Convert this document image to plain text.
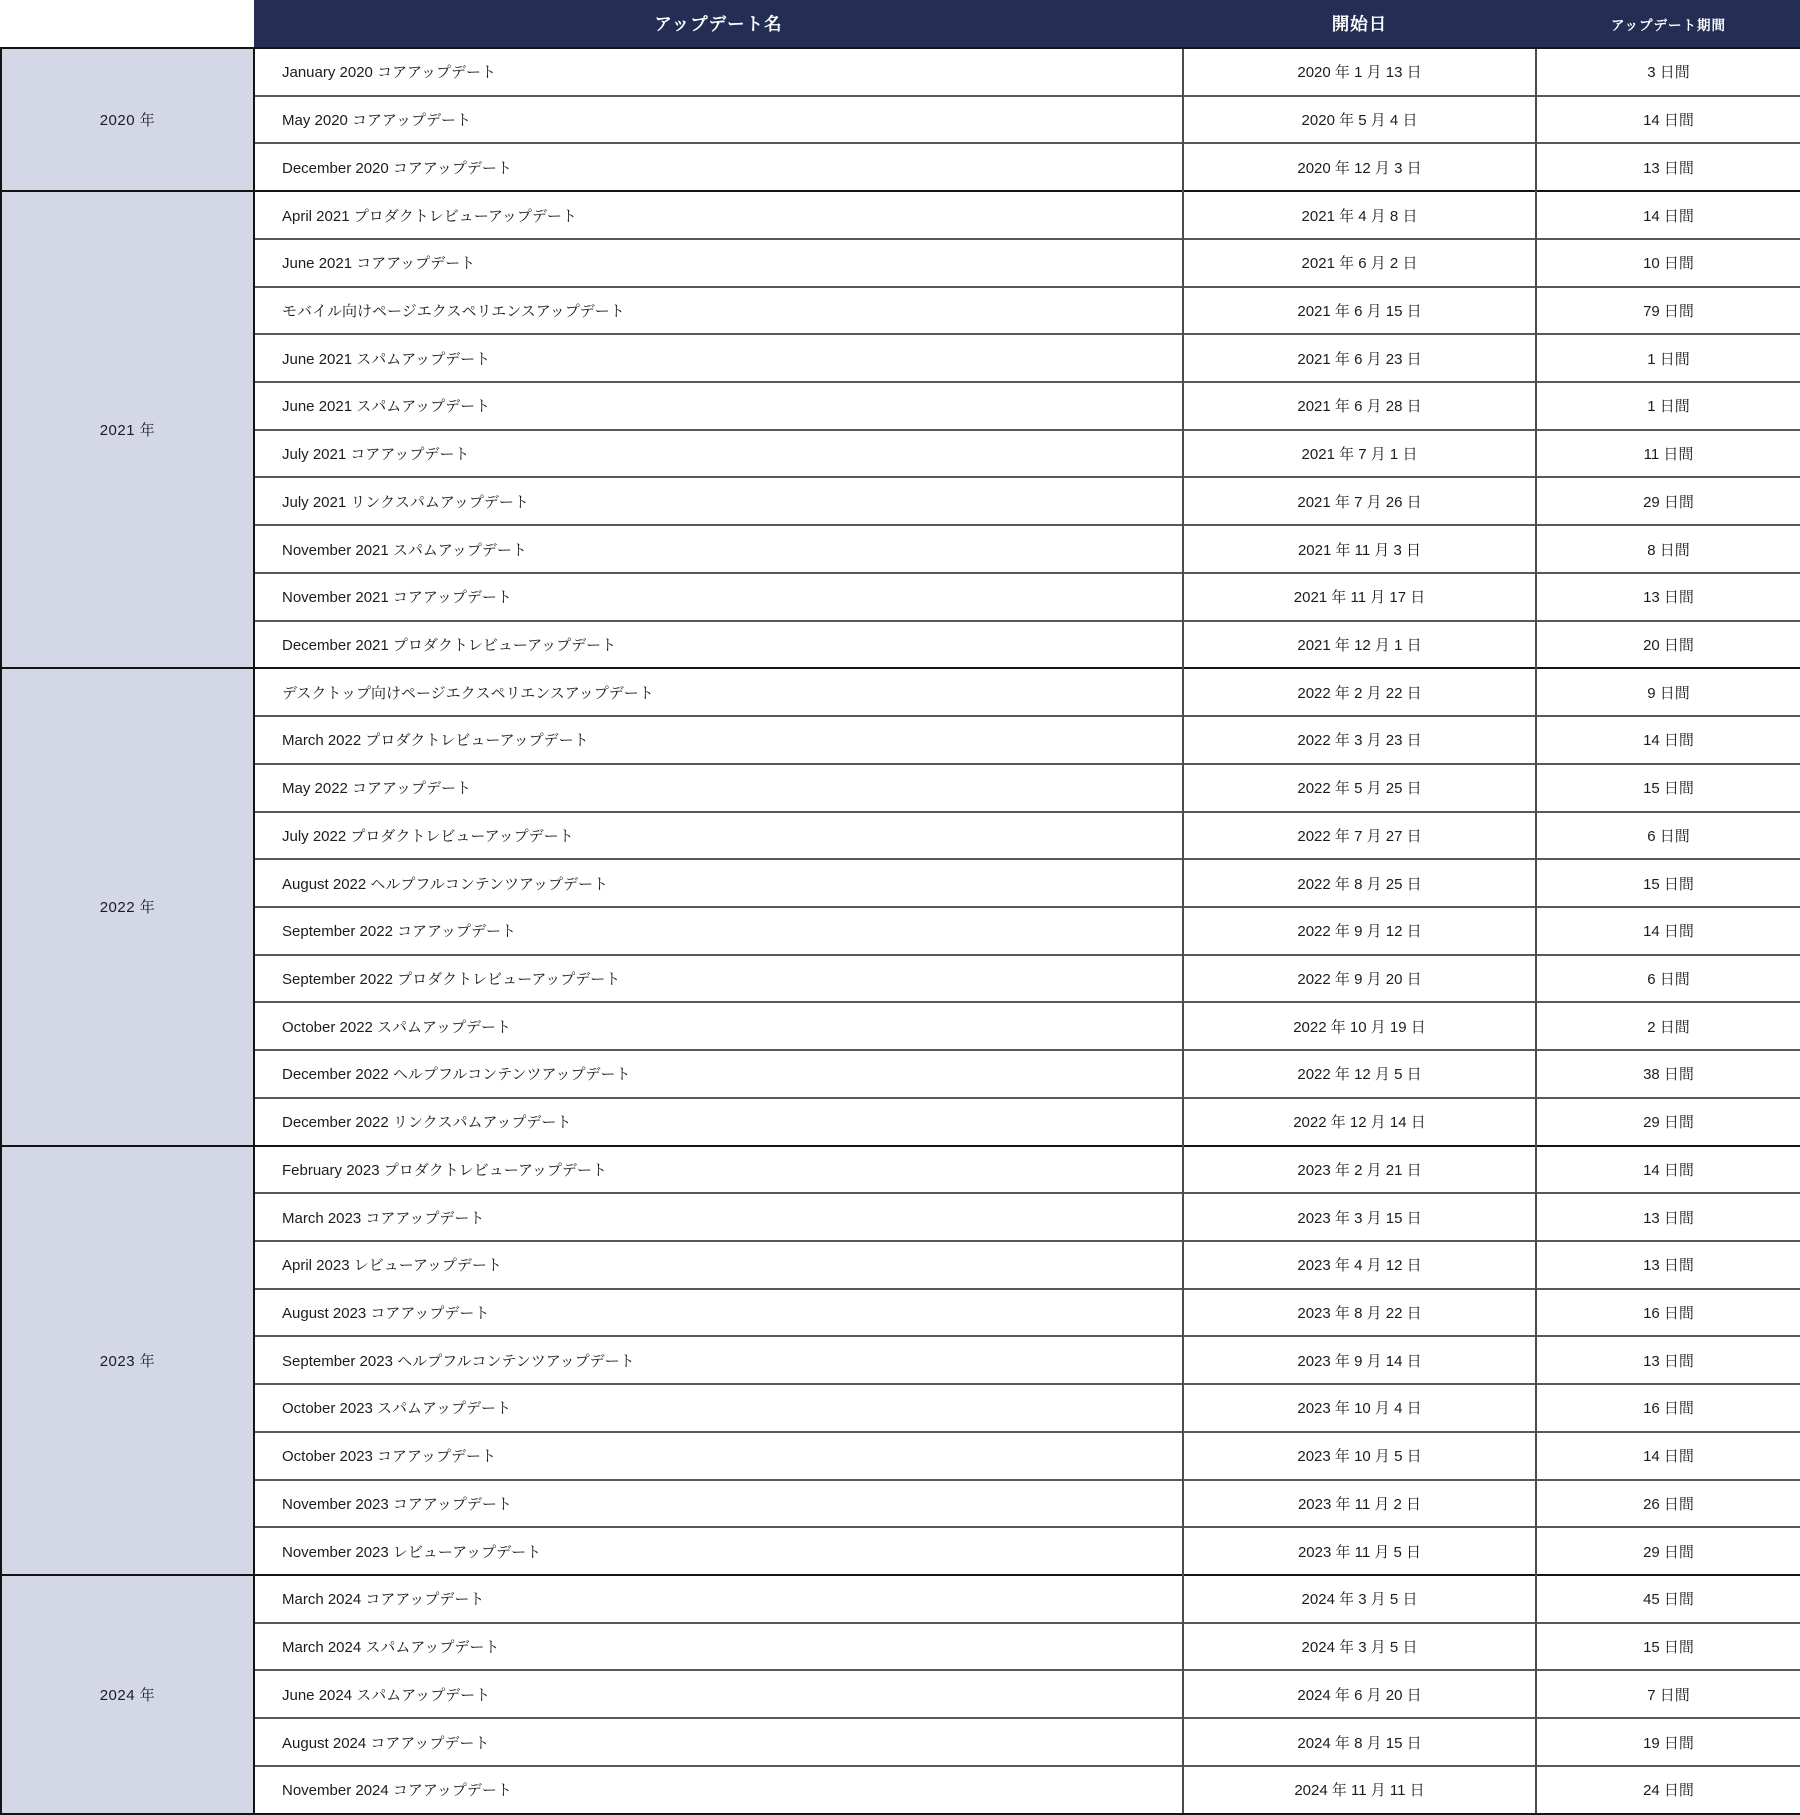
	アップデート名	開始日	アップデート期間
2020 年	January 2020 コアアップデート	2020 年 1 月 13 日	3 日間
	May 2020 コアアップデート	2020 年 5 月 4 日	14 日間
	December 2020 コアアップデート	2020 年 12 月 3 日	13 日間
2021 年	April 2021 プロダクトレビューアップデート	2021 年 4 月 8 日	14 日間
	June 2021 コアアップデート	2021 年 6 月 2 日	10 日間
	モバイル向けページエクスペリエンスアップデート	2021 年 6 月 15 日	79 日間
	June 2021 スパムアップデート	2021 年 6 月 23 日	1 日間
	June 2021 スパムアップデート	2021 年 6 月 28 日	1 日間
	July 2021 コアアップデート	2021 年 7 月 1 日	11 日間
	July 2021 リンクスパムアップデート	2021 年 7 月 26 日	29 日間
	November 2021 スパムアップデート	2021 年 11 月 3 日	8 日間
	November 2021 コアアップデート	2021 年 11 月 17 日	13 日間
	December 2021 プロダクトレビューアップデート	2021 年 12 月 1 日	20 日間
2022 年	デスクトップ向けページエクスペリエンスアップデート	2022 年 2 月 22 日	9 日間
	March 2022 プロダクトレビューアップデート	2022 年 3 月 23 日	14 日間
	May 2022 コアアップデート	2022 年 5 月 25 日	15 日間
	July 2022 プロダクトレビューアップデート	2022 年 7 月 27 日	6 日間
	August 2022 ヘルプフルコンテンツアップデート	2022 年 8 月 25 日	15 日間
	September 2022 コアアップデート	2022 年 9 月 12 日	14 日間
	September 2022 プロダクトレビューアップデート	2022 年 9 月 20 日	6 日間
	October 2022 スパムアップデート	2022 年 10 月 19 日	2 日間
	December 2022 ヘルプフルコンテンツアップデート	2022 年 12 月 5 日	38 日間
	December 2022 リンクスパムアップデート	2022 年 12 月 14 日	29 日間
2023 年	February 2023 プロダクトレビューアップデート	2023 年 2 月 21 日	14 日間
	March 2023 コアアップデート	2023 年 3 月 15 日	13 日間
	April 2023 レビューアップデート	2023 年 4 月 12 日	13 日間
	August 2023 コアアップデート	2023 年 8 月 22 日	16 日間
	September 2023 ヘルプフルコンテンツアップデート	2023 年 9 月 14 日	13 日間
	October 2023 スパムアップデート	2023 年 10 月 4 日	16 日間
	October 2023 コアアップデート	2023 年 10 月 5 日	14 日間
	November 2023 コアアップデート	2023 年 11 月 2 日	26 日間
	November 2023 レビューアップデート	2023 年 11 月 5 日	29 日間
2024 年	March 2024 コアアップデート	2024 年 3 月 5 日	45 日間
	March 2024 スパムアップデート	2024 年 3 月 5 日	15 日間
	June 2024 スパムアップデート	2024 年 6 月 20 日	7 日間
	August 2024 コアアップデート	2024 年 8 月 15 日	19 日間
	November 2024 コアアップデート	2024 年 11 月 11 日	24 日間
